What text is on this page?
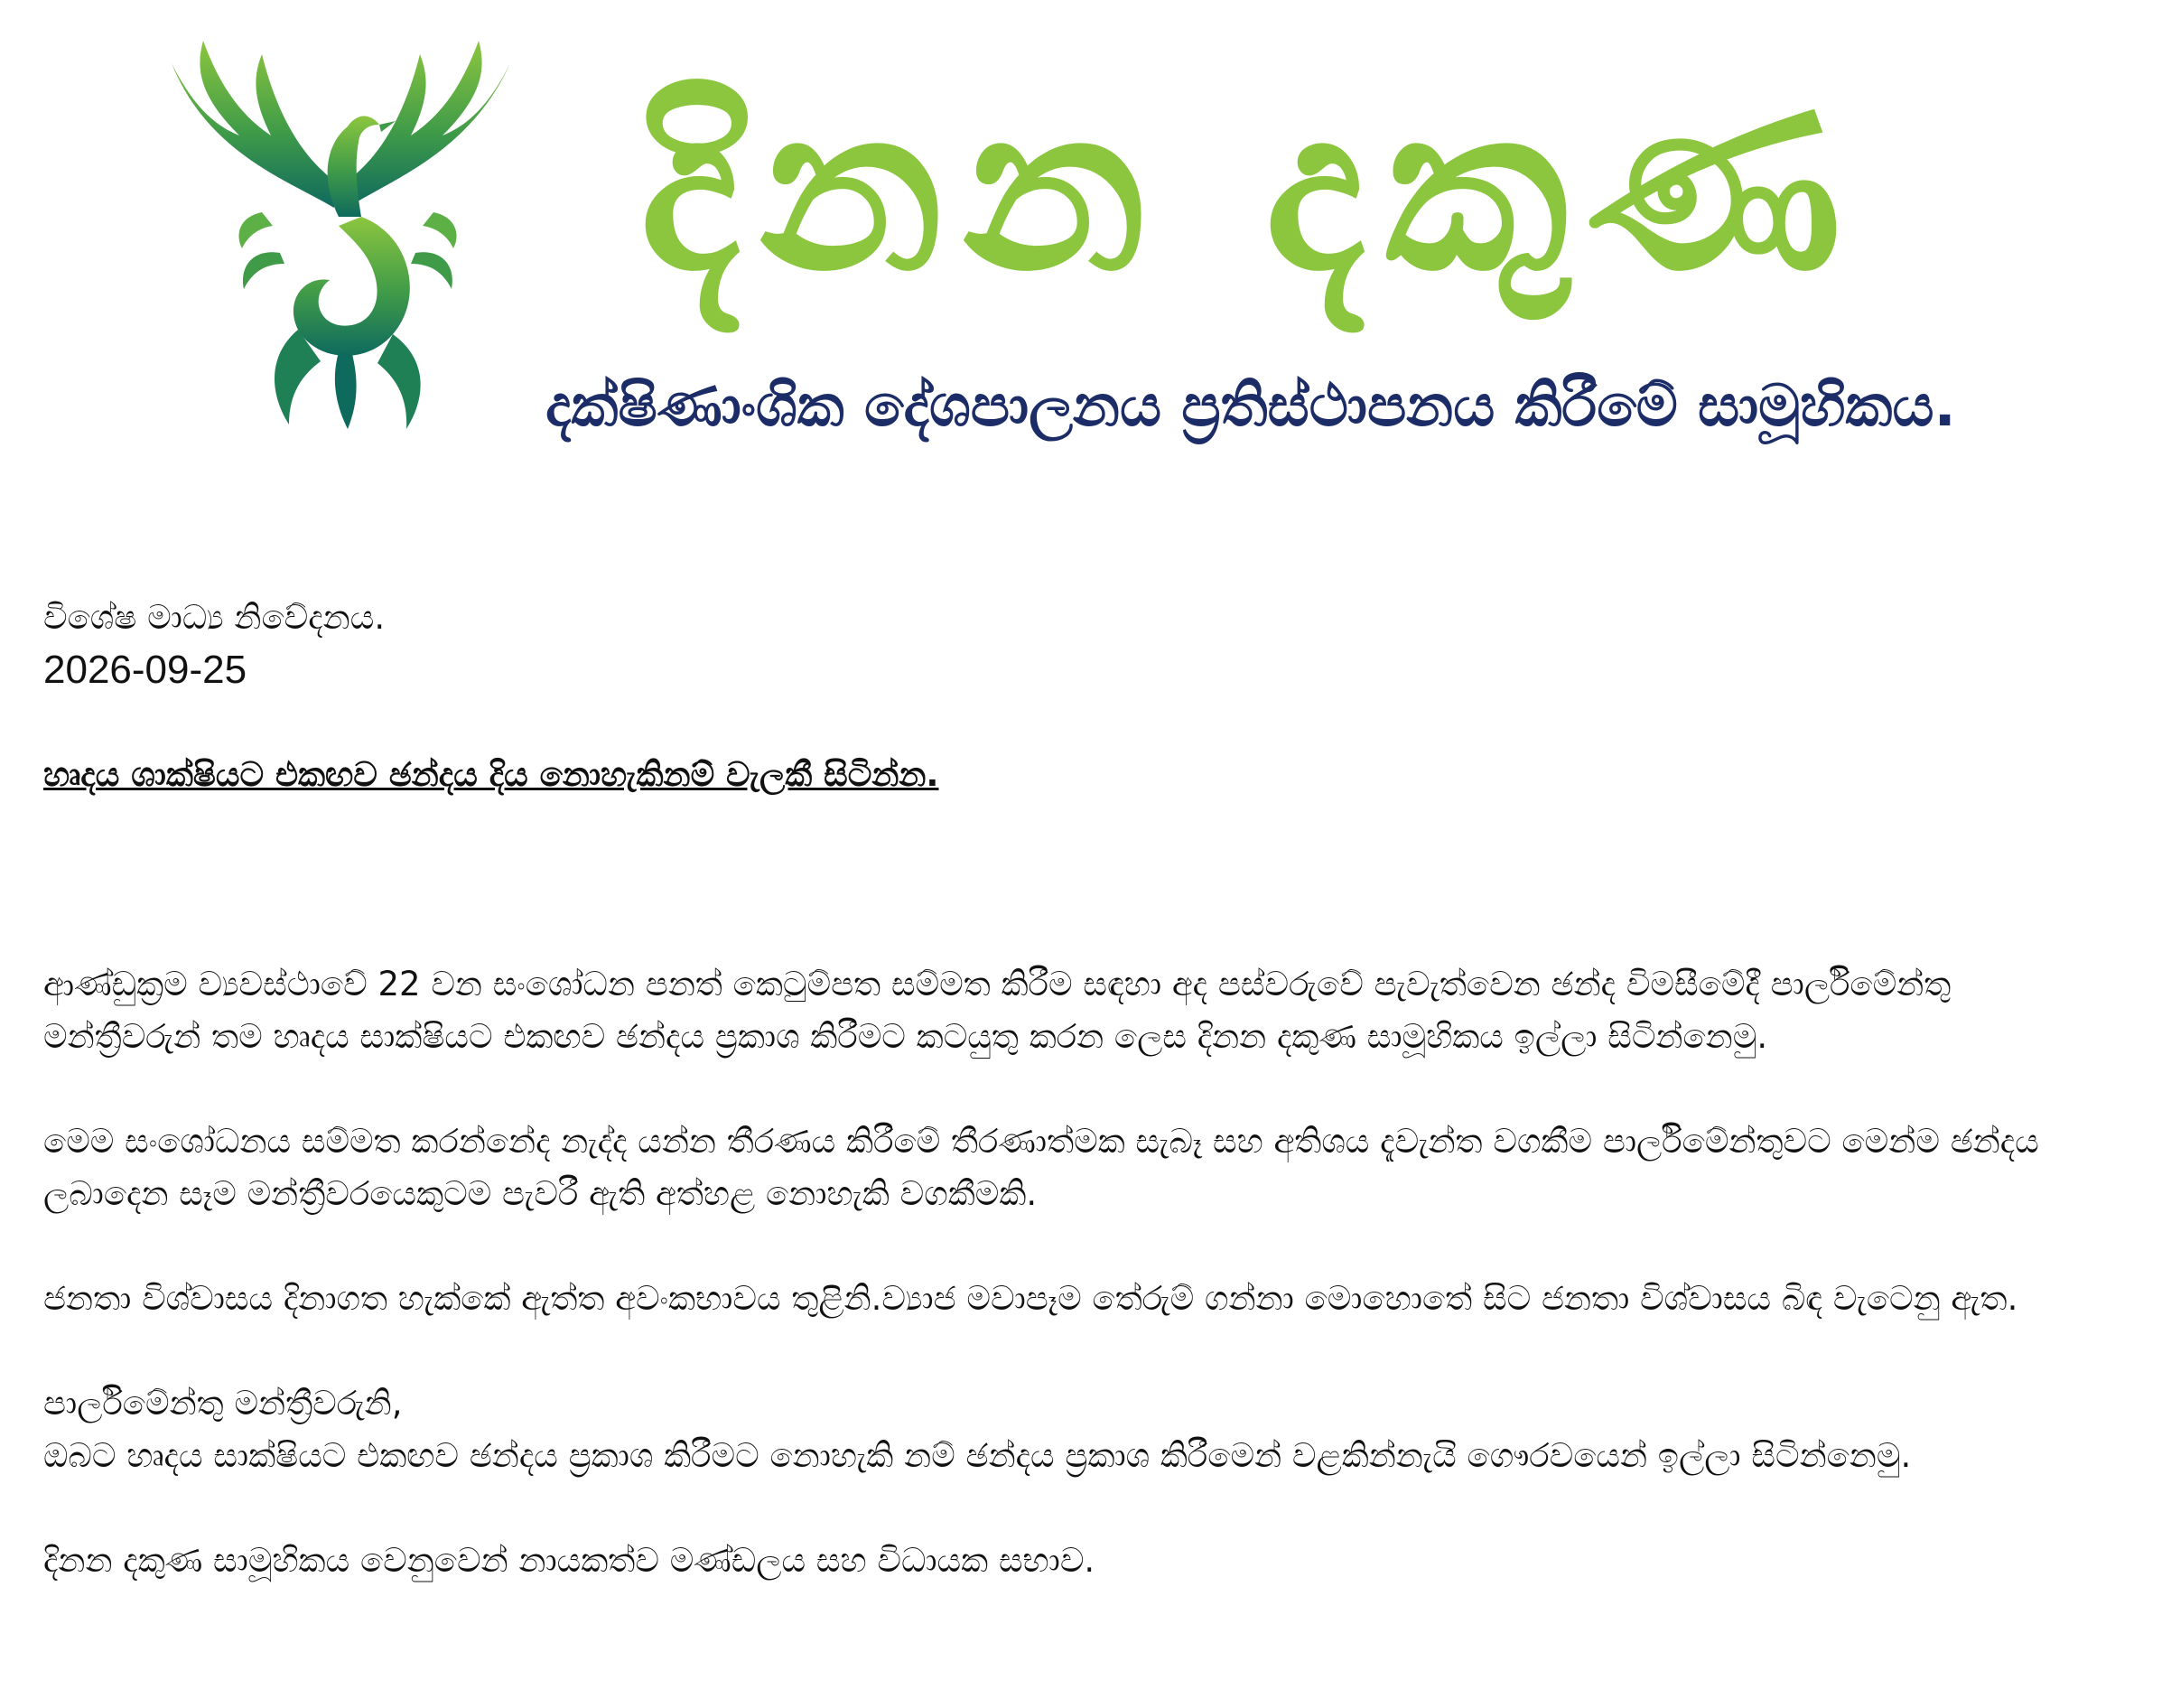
දිනන දකුණ
දක්ෂිණාංශික දේශපාලනය ප්‍රතිස්ථාපනය කිරීමේ සාමූහිකය.

විශේෂ මාධ්‍ය නිවේදනය.

2026-09-25

හෘදය ශාක්ෂියට එකඟව ඡන්දය දිය නොහැකිනම් වැලකී සිටින්න.

ආණ්ඩුක්‍රම ව්‍යවස්ථාවේ 22 වන සංශෝධන පනත් කෙටුම්පත සම්මත කිරීම සඳහා අද පස්වරුවේ පැවැත්වෙන ඡන්ද විමසීමේදී පාර්ලිමේන්තු මන්ත්‍රීවරුන් තම හෘදය සාක්ෂියට එකඟව ඡන්දය ප්‍රකාශ කිරීමට කටයුතු කරන ලෙස දිනන දකුණ සාමූහිකය ඉල්ලා සිටින්නෙමු.

මෙම සංශෝධනය සම්මත කරන්නේද නැද්ද යන්න තීරණය කිරීමේ තීරණාත්මක සැබෑ සහ අතිශය දැවැන්ත වගකීම පාර්ලිමේන්තුවට මෙන්ම ඡන්දය ලබාදෙන සෑම මන්ත්‍රීවරයෙකුටම පැවරී ඇති අත්හළ නොහැකි වගකීමකි.

ජනතා විශ්වාසය දිනාගත හැක්කේ ඇත්ත අවංකභාවය තුළිනි.ව්‍යාජ මවාපෑම තේරුම් ගන්නා මොහොතේ සිට ජනතා විශ්වාසය බිඳ වැටෙනු ඇත.

පාර්ලිමේන්තු මන්ත්‍රීවරුනි,
ඔබට හෘදය සාක්ෂියට එකඟව ඡන්දය ප්‍රකාශ කිරීමට නොහැකි නම් ඡන්දය ප්‍රකාශ කිරීමෙන් වළකින්නැයි ගෞරවයෙන් ඉල්ලා සිටින්නෙමු.

දිනන දකුණ සාමූහිකය වෙනුවෙන් නායකත්ව මණ්ඩලය සහ විධායක සභාව.
